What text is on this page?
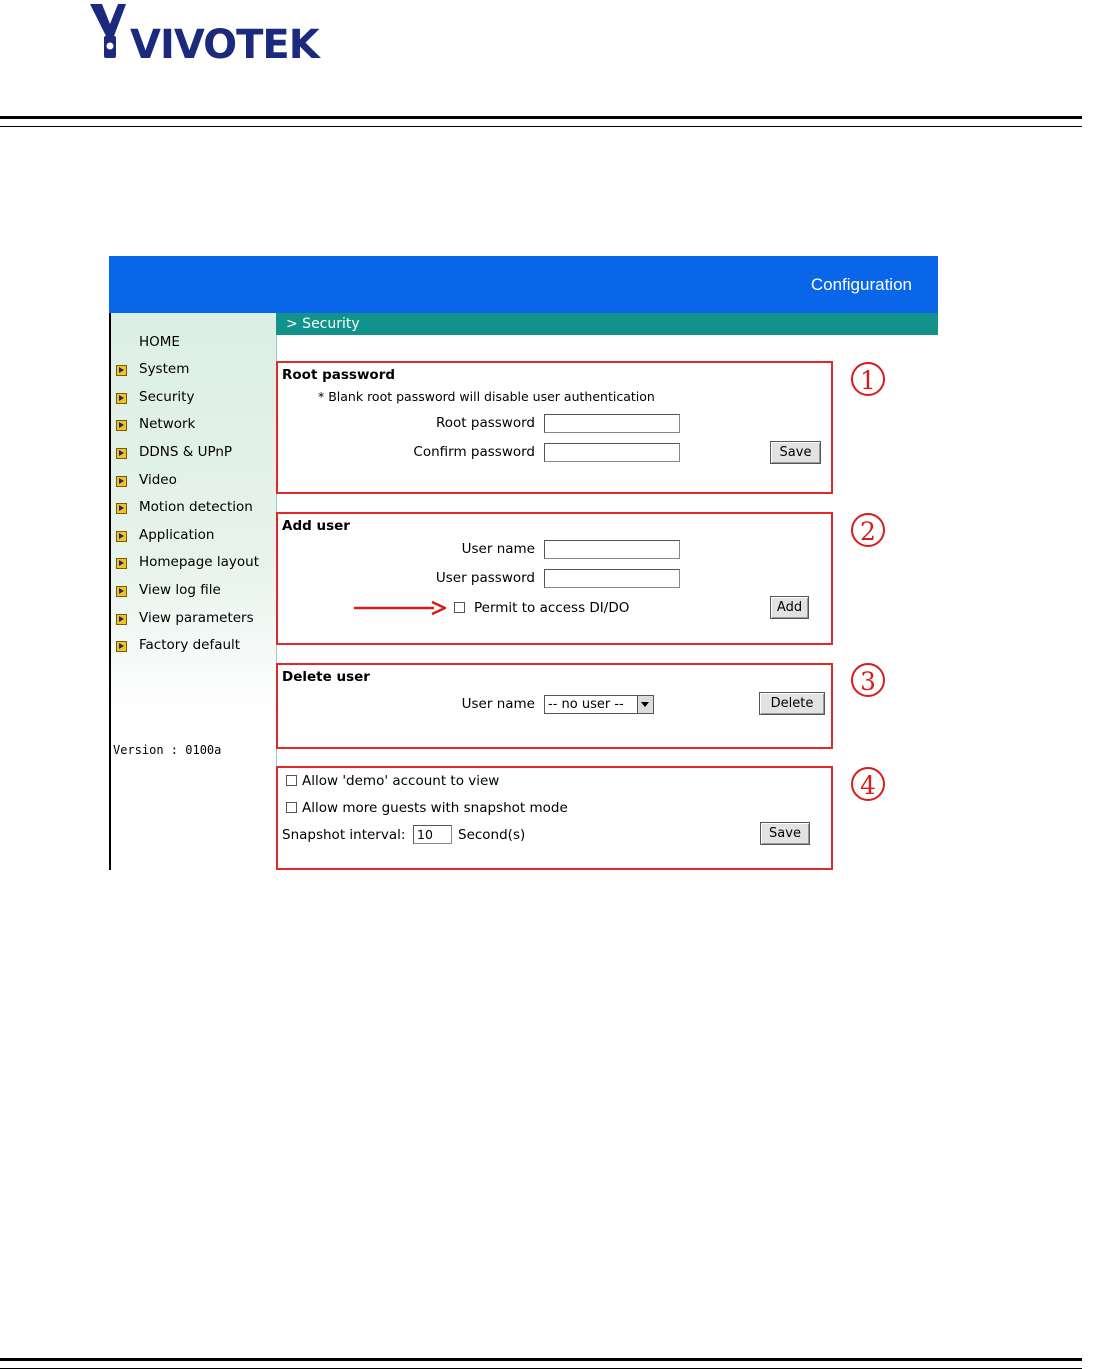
VIVOTEK
Configuration
HOME
System
Security
Network
DDNS & UPnP
Video
Motion detection
Application
Homepage layout
View log file
View parameters
Factory default
Version : 0100a
> Security
Root password
* Blank root password will disable user authentication
Root password
Confirm password	Save
Add user
User name
User password
Permit to access DI/DO	Add
Delete user
User name -- no user --	Delete
Allow 'demo' account to view
Allow more guests with snapshot mode
Snapshot interval:
10	Second(s)	Save
1
2
3
4
